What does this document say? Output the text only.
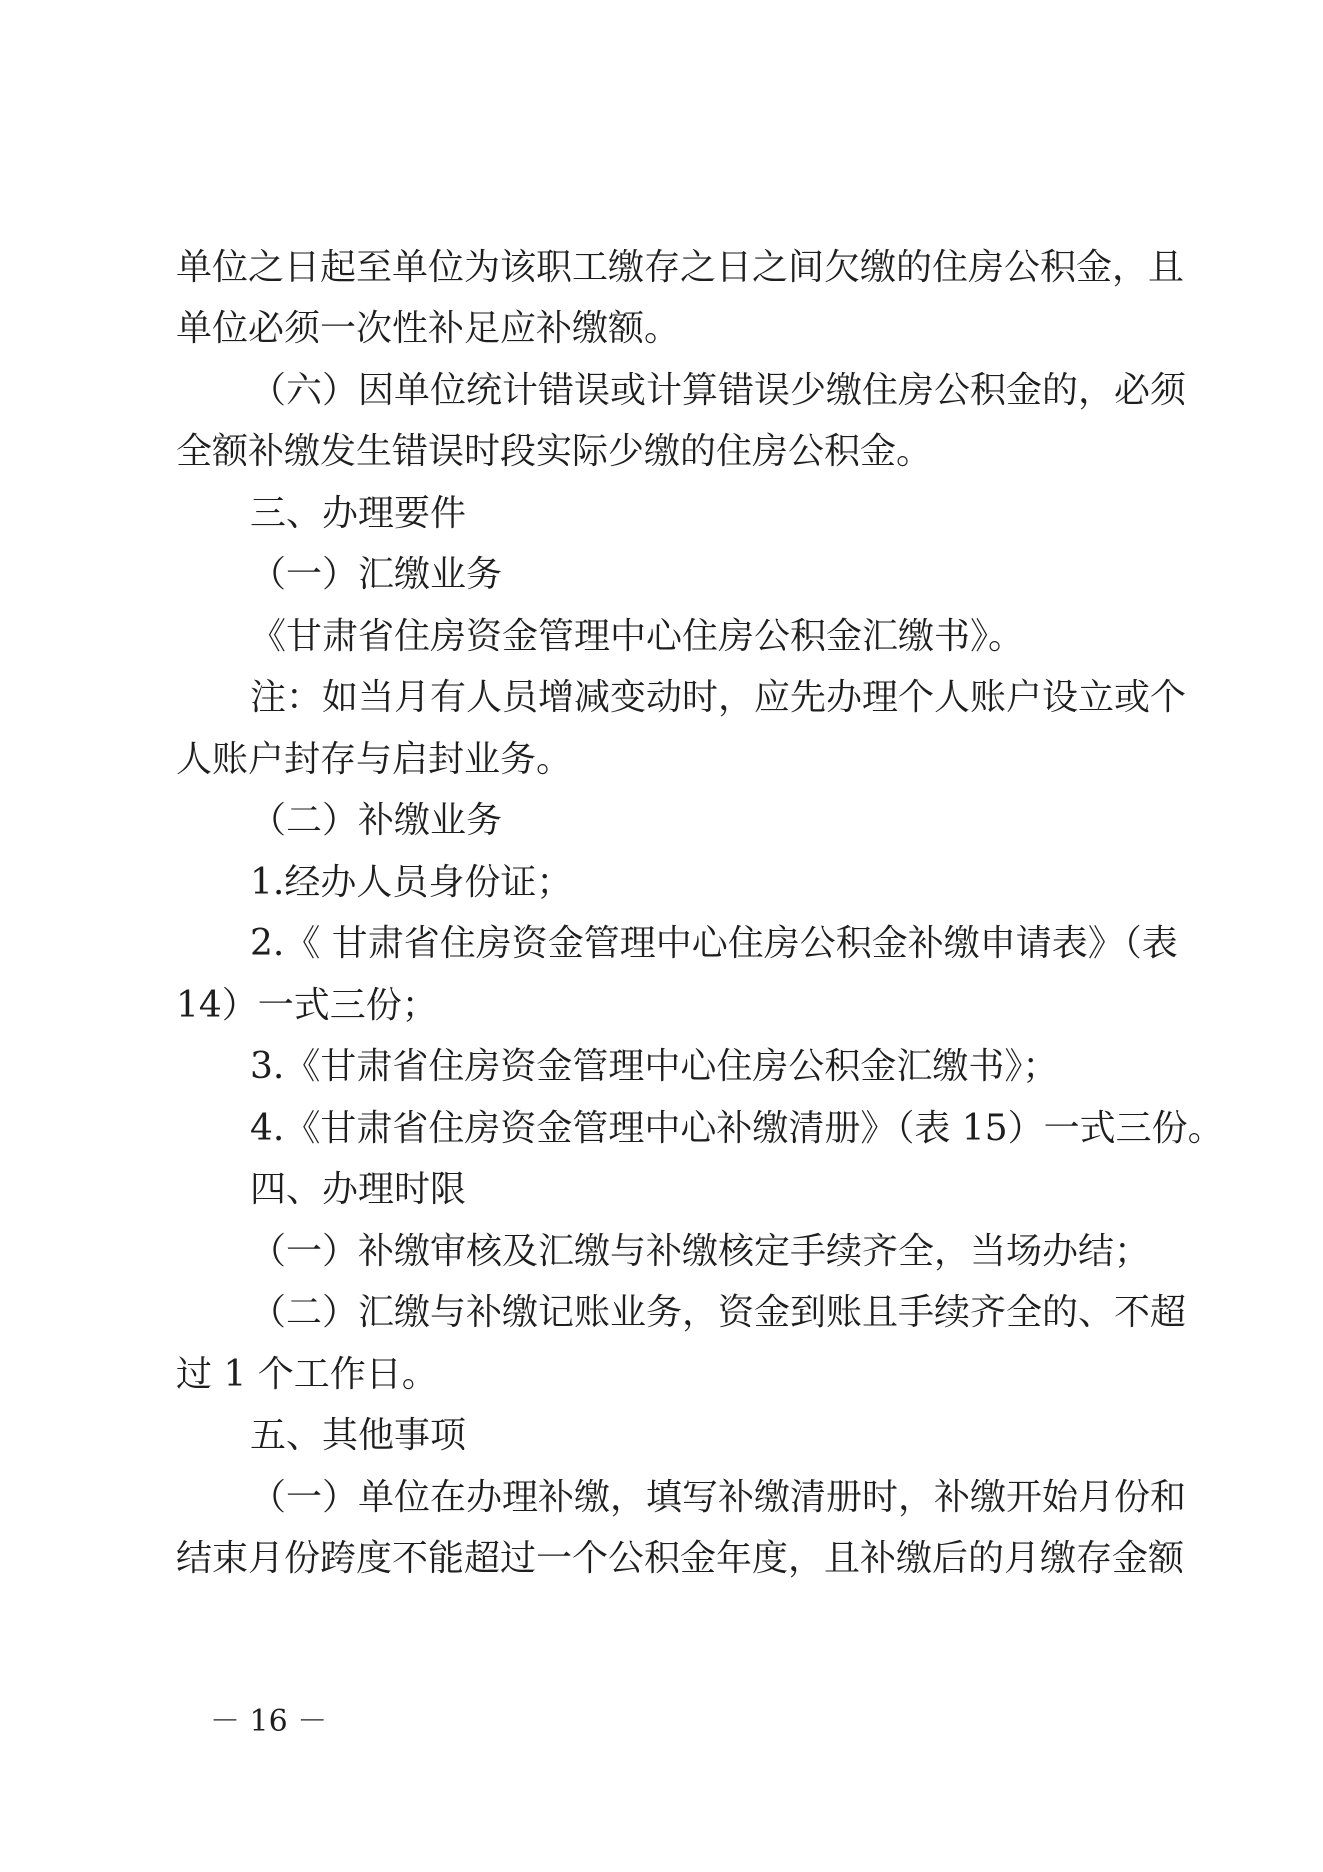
单位之日起至单位为该职工缴存之日之间欠缴的住房公积金，且
单位必须一次性补足应补缴额。
（六）因单位统计错误或计算错误少缴住房公积金的，必须
全额补缴发生错误时段实际少缴的住房公积金。
三、办理要件
（一）汇缴业务
《甘肃省住房资金管理中心住房公积金汇缴书》。
注：如当月有人员增减变动时，应先办理个人账户设立或个
人账户封存与启封业务。
（二）补缴业务
1.经办人员身份证；
2.《 甘肃省住房资金管理中心住房公积金补缴申请表》（表
14）一式三份；
3.《甘肃省住房资金管理中心住房公积金汇缴书》；
4.《甘肃省住房资金管理中心补缴清册》（表 15）一式三份。
四、办理时限
（一）补缴审核及汇缴与补缴核定手续齐全，当场办结；
（二）汇缴与补缴记账业务，资金到账且手续齐全的、不超
过 1 个工作日。
五、其他事项
（一）单位在办理补缴，填写补缴清册时，补缴开始月份和
结束月份跨度不能超过一个公积金年度，且补缴后的月缴存金额
－ 16 －
